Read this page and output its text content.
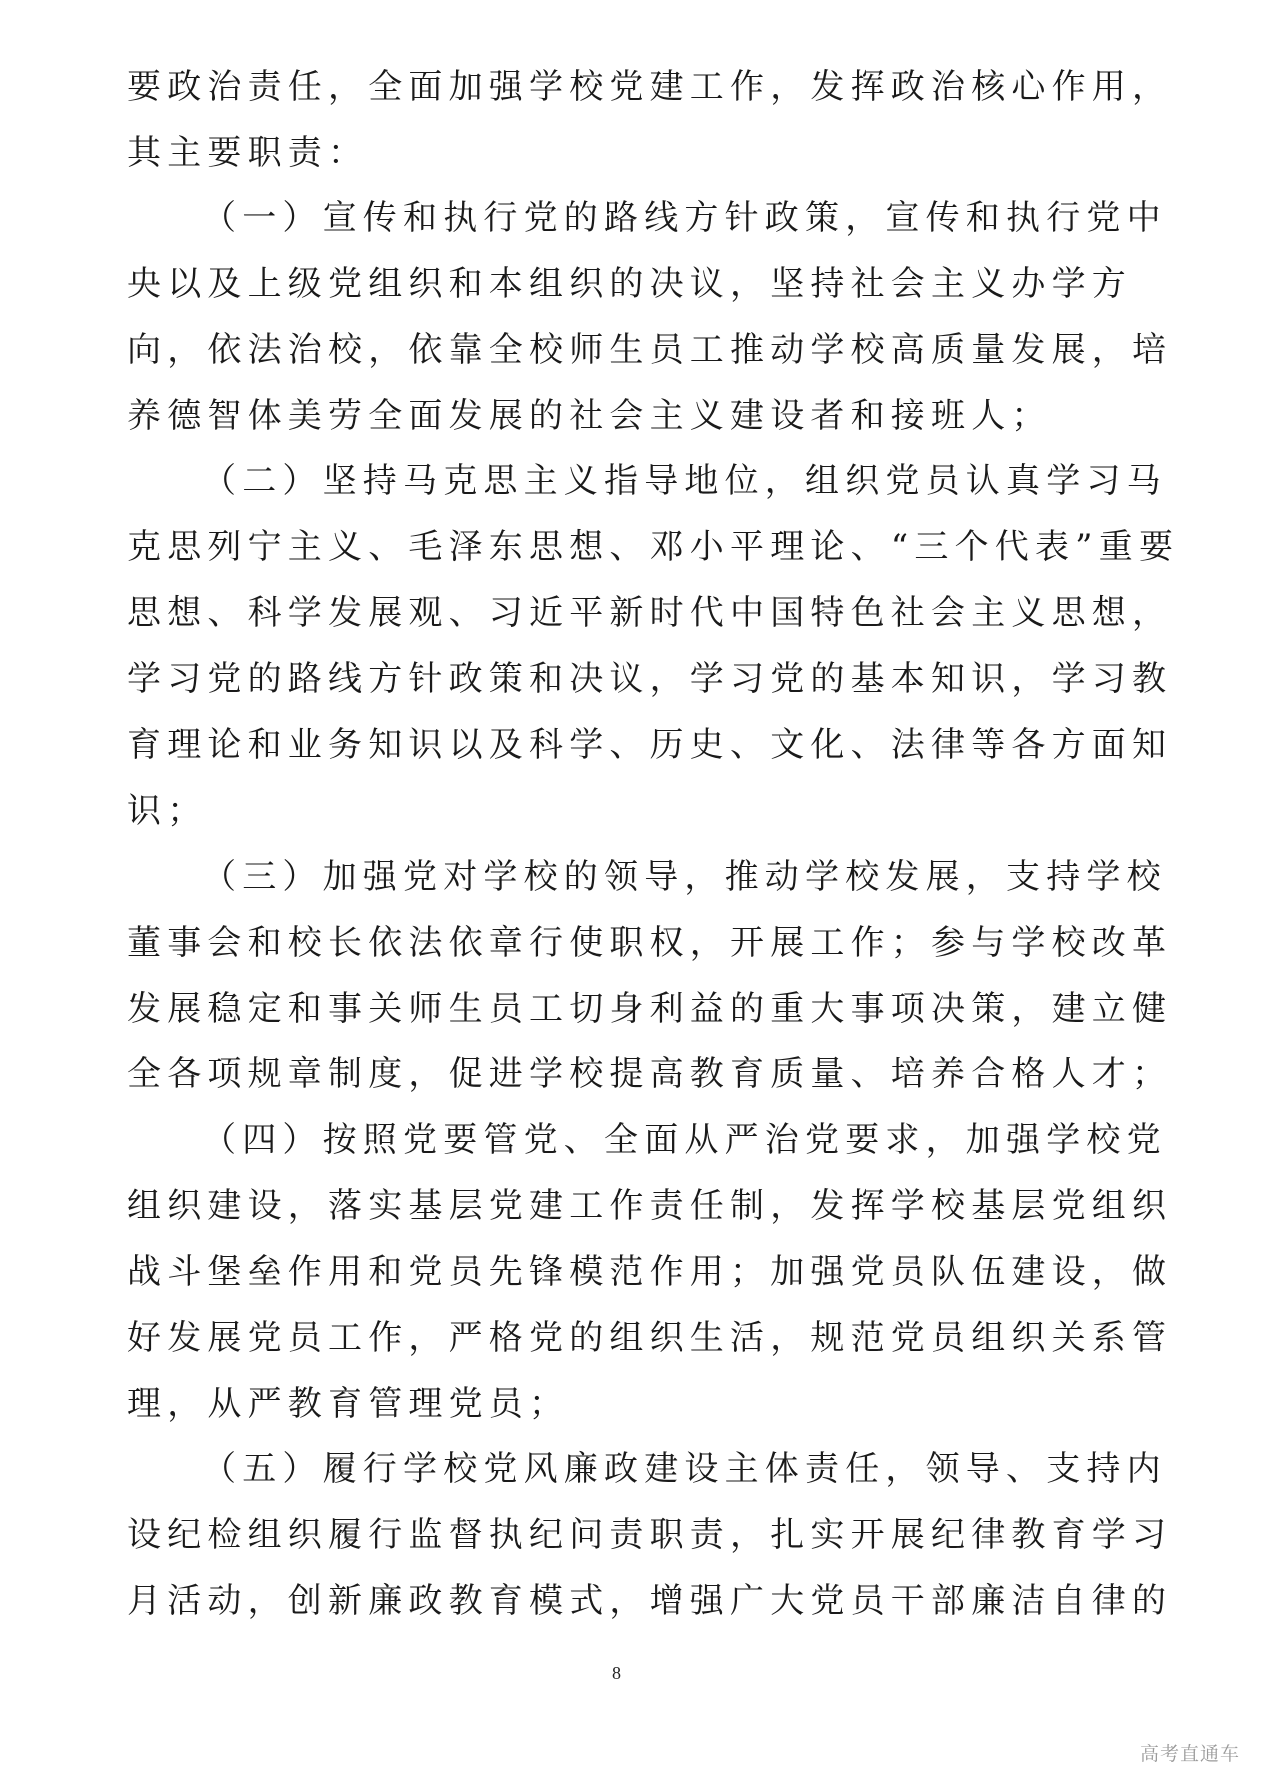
要政治责任，全面加强学校党建工作，发挥政治核心作用，
其主要职责：
（一）宣传和执行党的路线方针政策，宣传和执行党中
央以及上级党组织和本组织的决议，坚持社会主义办学方
向，依法治校，依靠全校师生员工推动学校高质量发展，培
养德智体美劳全面发展的社会主义建设者和接班人；
（二）坚持马克思主义指导地位，组织党员认真学习马
克思列宁主义、毛泽东思想、邓小平理论、“三个代表”重要
思想、科学发展观、习近平新时代中国特色社会主义思想，
学习党的路线方针政策和决议，学习党的基本知识，学习教
育理论和业务知识以及科学、历史、文化、法律等各方面知
识；
（三）加强党对学校的领导，推动学校发展，支持学校
董事会和校长依法依章行使职权，开展工作；参与学校改革
发展稳定和事关师生员工切身利益的重大事项决策，建立健
全各项规章制度，促进学校提高教育质量、培养合格人才；
（四）按照党要管党、全面从严治党要求，加强学校党
组织建设，落实基层党建工作责任制，发挥学校基层党组织
战斗堡垒作用和党员先锋模范作用；加强党员队伍建设，做
好发展党员工作，严格党的组织生活，规范党员组织关系管
理，从严教育管理党员；
（五）履行学校党风廉政建设主体责任，领导、支持内
设纪检组织履行监督执纪问责职责，扎实开展纪律教育学习
月活动，创新廉政教育模式，增强广大党员干部廉洁自律的
8
高考直通车
